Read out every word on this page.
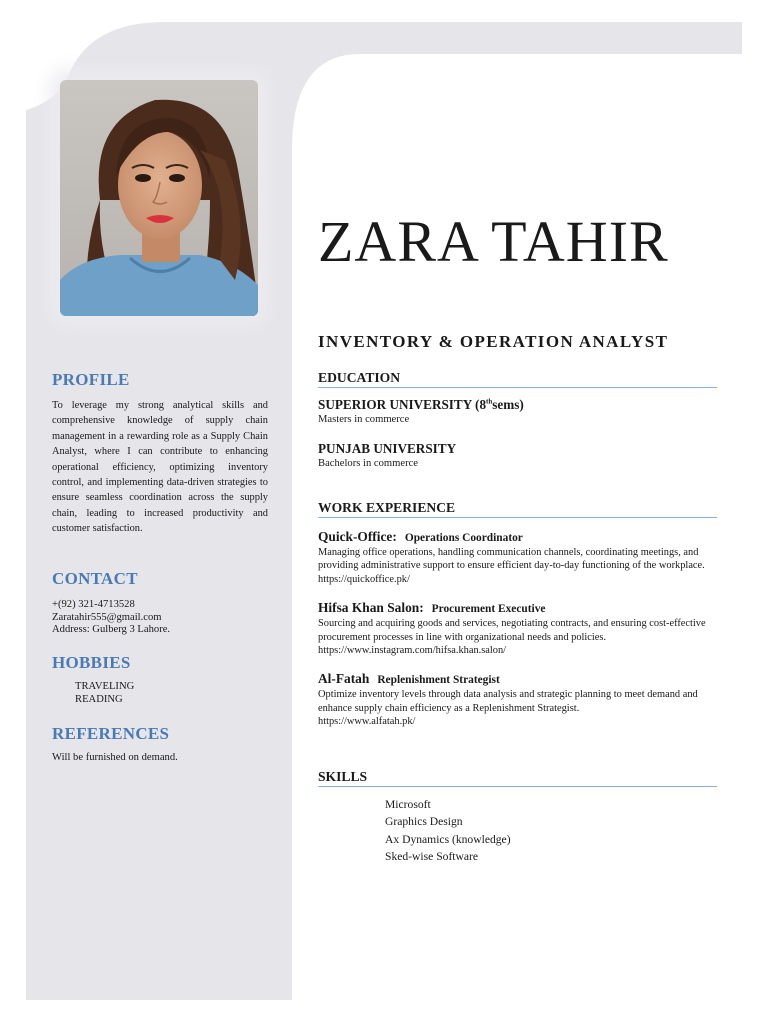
PROFILE

To leverage my strong analytical skills and comprehensive knowledge of supply chain management in a rewarding role as a Supply Chain Analyst, where I can contribute to enhancing operational efficiency, optimizing inventory control, and implementing data-driven strategies to ensure seamless coordination across the supply chain, leading to increased productivity and customer satisfaction.

CONTACT

+(92) 321-4713528

Zaratahir555@gmail.com

Address: Gulberg 3 Lahore.

HOBBIES

TRAVELING

READING

REFERENCES

Will be furnished on demand.

ZARA TAHIR
INVENTORY & OPERATION ANALYST
EDUCATION

SUPERIOR UNIVERSITY (8thsems)

Masters in commerce

PUNJAB UNIVERSITY

Bachelors in commerce

WORK EXPERIENCE

Quick-Office: Operations Coordinator

Managing office operations, handling communication channels, coordinating meetings, and providing administrative support to ensure efficient day-to-day functioning of the workplace.

https://quickoffice.pk/

Hifsa Khan Salon: Procurement Executive

Sourcing and acquiring goods and services, negotiating contracts, and ensuring cost-effective procurement processes in line with organizational needs and policies.

https://www.instagram.com/hifsa.khan.salon/

Al-Fatah Replenishment Strategist

Optimize inventory levels through data analysis and strategic planning to meet demand and enhance supply chain efficiency as a Replenishment Strategist.

https://www.alfatah.pk/

SKILLS

Microsoft

Graphics Design

Ax Dynamics (knowledge)

Sked-wise Software
